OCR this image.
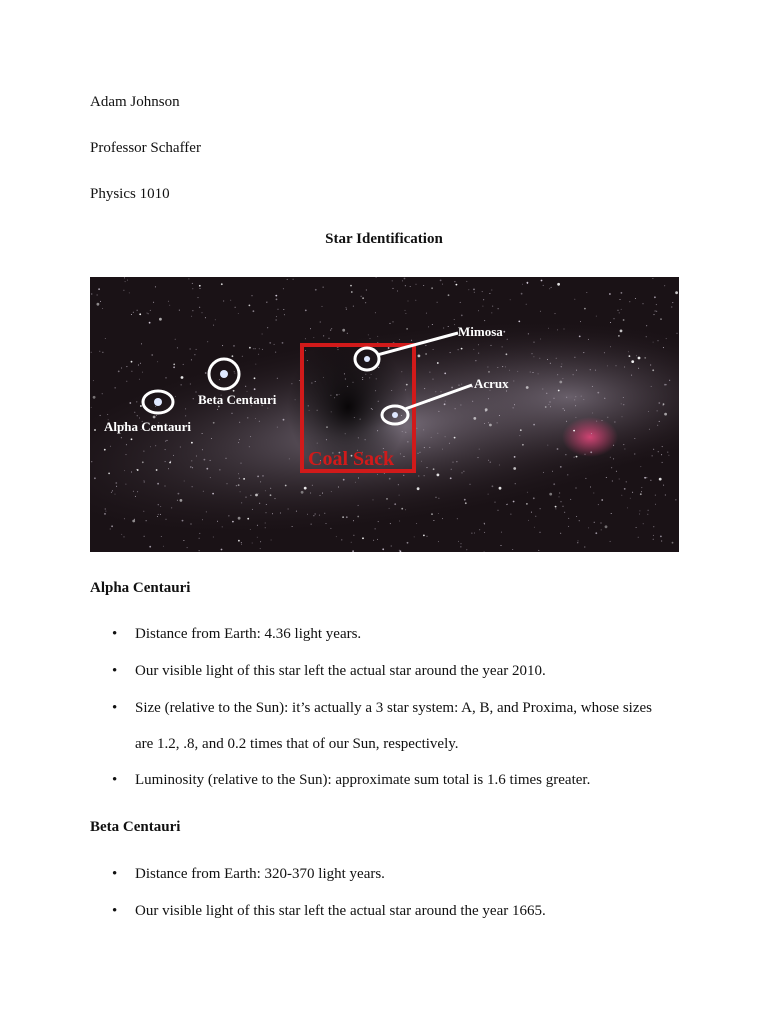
Adam Johnson
Professor Schaffer
Physics 1010
Star Identification
Coal Sack
Mimosa
Acrux
Beta Centauri
Alpha Centauri
Alpha Centauri
• Distance from Earth: 4.36 light years.
• Our visible light of this star left the actual star around the year 2010.
• Size (relative to the Sun): it’s actually a 3 star system: A, B, and Proxima, whose sizes
are 1.2, .8, and 0.2 times that of our Sun, respectively.
• Luminosity (relative to the Sun): approximate sum total is 1.6 times greater.
Beta Centauri
• Distance from Earth: 320-370 light years.
• Our visible light of this star left the actual star around the year 1665.
